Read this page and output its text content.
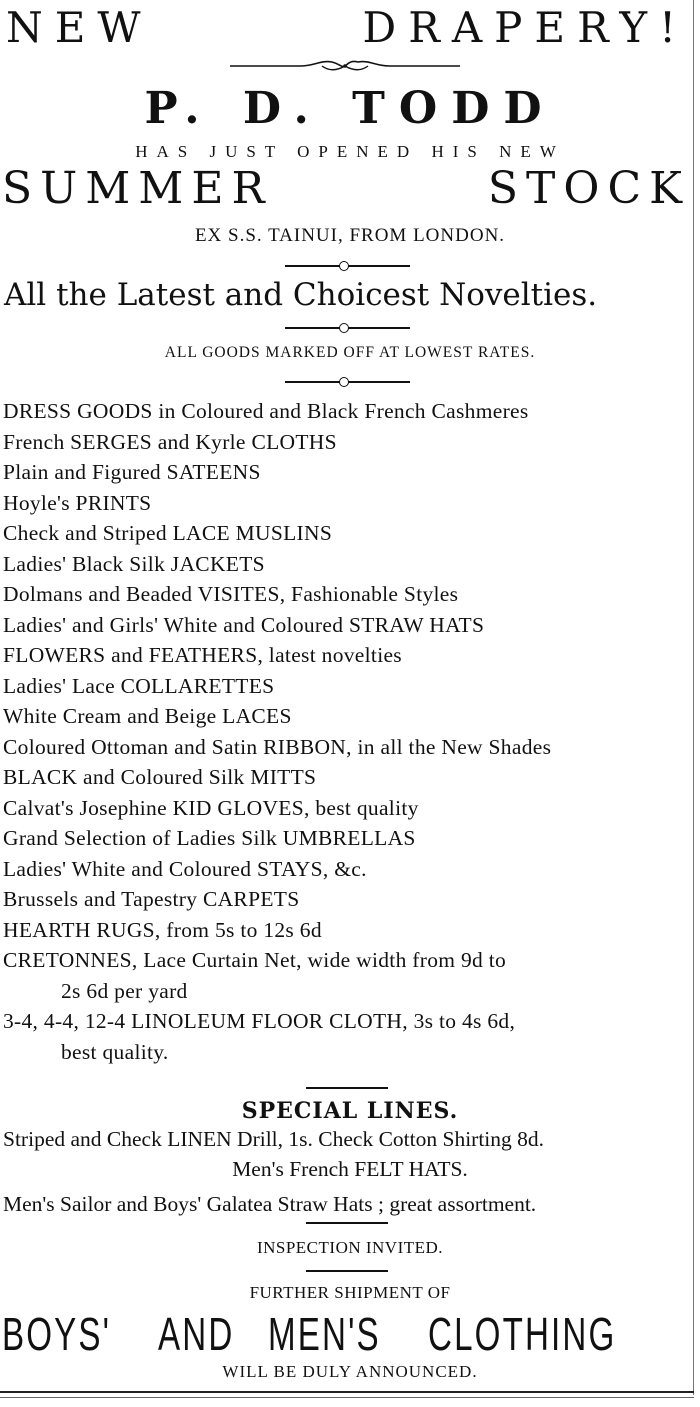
NEW	DRAPERY!
P. D. TODD
HAS JUST OPENED HIS NEW
SUMMER	STOCK
EX S.S. TAINUI, FROM LONDON.
All the Latest and Choicest Novelties.
ALL GOODS MARKED OFF AT LOWEST RATES.
DRESS GOODS in Coloured and Black French Cashmeres
French SERGES and Kyrle CLOTHS
Plain and Figured SATEENS
Hoyle's PRINTS
Check and Striped LACE MUSLINS
Ladies' Black Silk JACKETS
Dolmans and Beaded VISITES, Fashionable Styles
Ladies' and Girls' White and Coloured STRAW HATS
FLOWERS and FEATHERS, latest novelties
Ladies' Lace COLLARETTES
White Cream and Beige LACES
Coloured Ottoman and Satin RIBBON, in all the New Shades
BLACK and Coloured Silk MITTS
Calvat's Josephine KID GLOVES, best quality
Grand Selection of Ladies Silk UMBRELLAS
Ladies' White and Coloured STAYS, &c.
Brussels and Tapestry CARPETS
HEARTH RUGS, from 5s to 12s 6d
CRETONNES, Lace Curtain Net, wide width from 9d to
2s 6d per yard
3-4, 4-4, 12-4 LINOLEUM FLOOR CLOTH, 3s to 4s 6d,
best quality.
SPECIAL LINES.
Striped and Check LINEN Drill, 1s. Check Cotton Shirting 8d.
Men's French FELT HATS.
Men's Sailor and Boys' Galatea Straw Hats ; great assortment.
INSPECTION INVITED.
FURTHER SHIPMENT OF
BOYS' AND MEN'S CLOTHING
WILL BE DULY ANNOUNCED.
